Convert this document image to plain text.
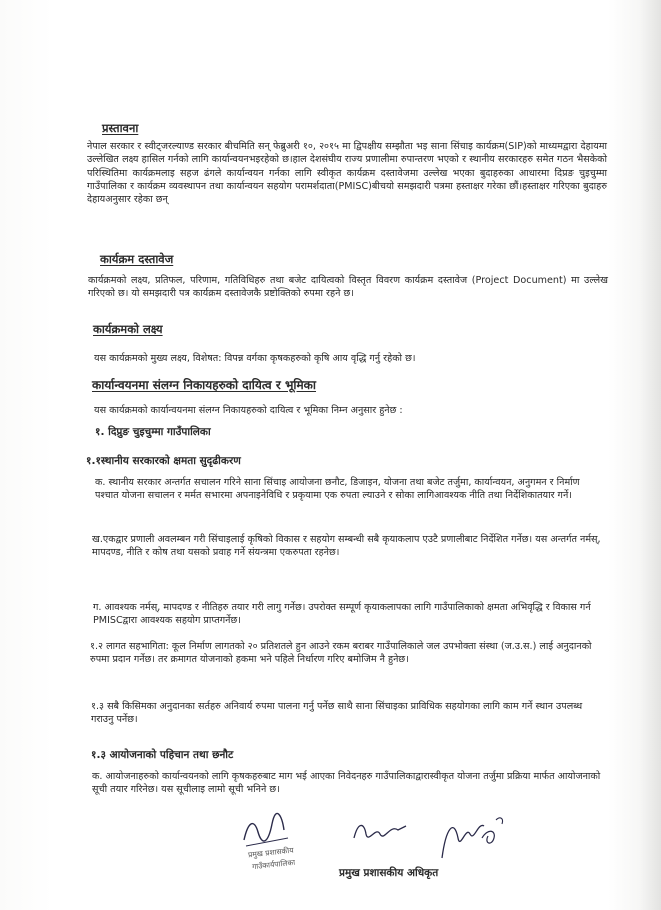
प्रस्तावना
नेपाल सरकार र स्वीट्जरल्याण्ड सरकार बीचमिति सन् फेब्रुअरी १०, २०१५ मा द्विपक्षीय सम्झौता भइ साना सिंचाइ कार्यक्रम(SIP)को माध्यमद्वारा देहायमा उल्लेखित लक्ष्य हासिल गर्नको लागि कार्यान्वयनभइरहेको छ।हाल देशसंघीय राज्य प्रणालीमा रुपान्तरण भएको र स्थानीय सरकारहरु समेत गठन भैसकेको परिस्थितिमा कार्यक्रमलाइ सहज ढंगले कार्यान्वयन गर्नका लागि स्वीकृत कार्यक्रम दस्तावेजमा उल्लेख भएका बुदाहरुका आधारमा दिप्रङ चुइचुम्मा गाउँपालिका र कार्यक्रम व्यवस्थापन तथा कार्यान्वयन सहयोग परामर्शदाता(PMISC)बीचयो समझदारी पत्रमा हस्ताक्षर गरेका छौं।हस्ताक्षर गरिएका बुदाहरु देहायअनुसार रहेका छन्
कार्यक्रम दस्तावेज
कार्यक्रमको लक्ष्य, प्रतिफल, परिणाम, गतिविधिहरु तथा बजेट दायित्वको विस्तृत विवरण कार्यक्रम दस्तावेज (Project Document) मा उल्लेख गरिएको छ। यो समझदारी पत्र कार्यक्रम दस्तावेजकै प्रष्टोक्तिको रुपमा रहने छ।
कार्यक्रमको लक्ष्य
यस कार्यक्रमको मुख्य लक्ष्य, विशेषत: विपन्न वर्गका कृषकहरुको कृषि आय वृद्धि गर्नु रहेको छ।
कार्यान्वयनमा संलग्न निकायहरुको दायित्व र भूमिका
यस कार्यक्रमको कार्यान्वयनमा संलग्न निकायहरुको दायित्व र भूमिका निम्न अनुसार हुनेछ :
१. दिप्रुङ चुइचुम्मा गाउँपालिका
१.१स्थानीय सरकारको क्षमता सुदृढीकरण
क. स्थानीय सरकार अन्तर्गत सचालन गरिने साना सिंचाइ आयोजना छनौट, डिजाइन, योजना तथा बजेट तर्जुमा, कार्यान्वयन, अनुगमन र निर्माण पश्चात योजना सचालन र मर्मत सभारमा अपनाइनेविधि र प्रकृयामा एक रुपता ल्याउने र सोका लागिआवश्यक नीति तथा निर्देशिकातयार गर्ने।
ख.एकद्वार प्रणाली अवलम्बन गरी सिंचाइलाई कृषिको विकास र सहयोग सम्बन्धी सबै कृयाकलाप एउटै प्रणालीबाट निर्देशित गर्नेछ। यस अन्तर्गत नर्मस्, मापदण्ड, नीति र कोष तथा यसको प्रवाह गर्ने संयन्त्रमा एकरुपता रहनेछ।
ग. आवश्यक नर्मस्, मापदण्ड र नीतिहरु तयार गरी लागु गर्नेछ। उपरोक्त सम्पूर्ण कृयाकलापका लागि गाउँपालिकाको क्षमता अभिवृद्धि र विकास गर्न PMISCद्वारा आवश्यक सहयोग प्राप्तगर्नेछ।
१.२ लागत सहभागिता: कूल निर्माण लागतको २० प्रतिशतले हुन आउने रकम बराबर गाउँपालिकाले जल उपभोक्ता संस्था (ज.उ.स.) लाई अनुदानको रुपमा प्रदान गर्नेछ। तर क्रमागत योजनाको हकमा भने पहिले निर्धारण गरिए बमोजिम नै हुनेछ।
१.३ सबै किसिमका अनुदानका सर्तहरु अनिवार्य रुपमा पालना गर्नु पर्नेछ साथै साना सिंचाइका प्राविधिक सहयोगका लागि काम गर्ने स्थान उपलब्ध गराउनु पर्नेछ।
१.३ आयोजनाको पहिचान तथा छनौट
क. आयोजनाहरुको कार्यान्वयनको लागि कृषकहरुबाट माग भई आएका निवेदनहरु गाउँपालिकाद्वारास्वीकृत योजना तर्जुमा प्रक्रिया मार्फत आयोजनाको सूची तयार गरिनेछ। यस सूचीलाइ लामो सूची भनिने छ।
प्रमुख प्रशासकीय
गाउँकार्यपालिका
प्रमुख प्रशासकीय अधिकृत
